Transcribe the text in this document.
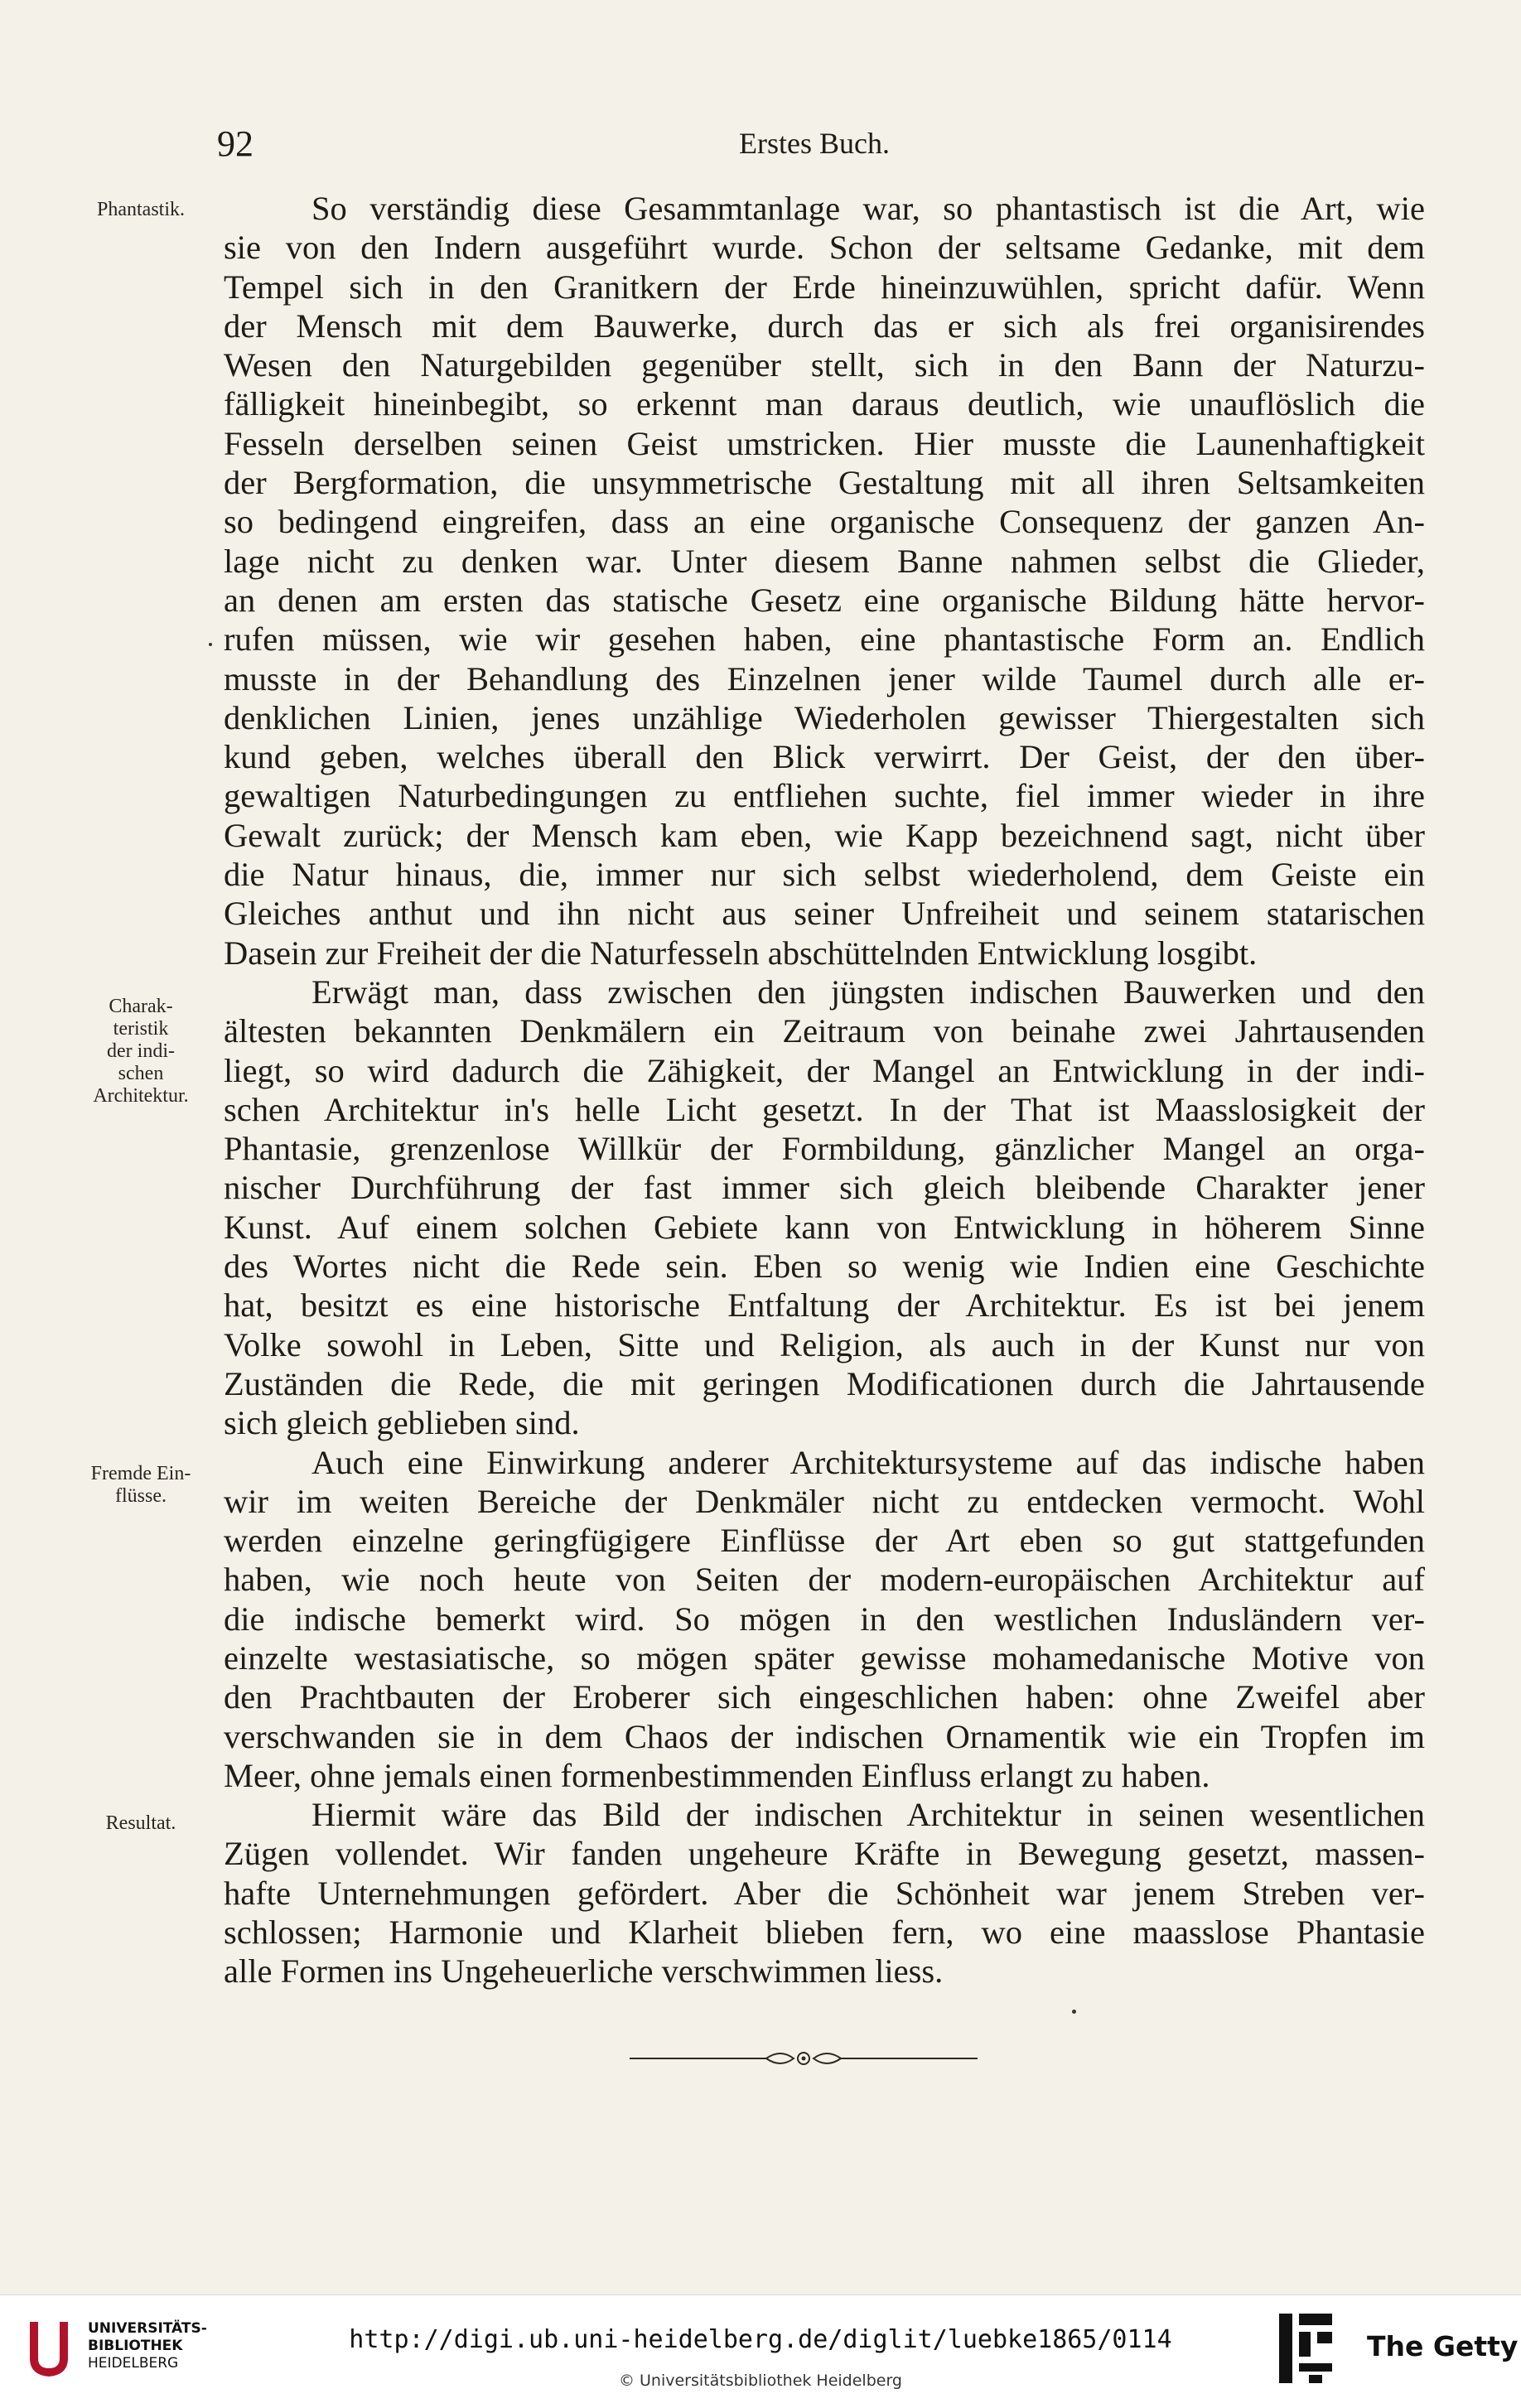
92	Erstes Buch.
Phantastik.
Charak-
teristik
der indi-
schen
Architektur.
Fremde Ein-
flüsse.
Resultat.
So verständig diese Gesammtanlage war, so phantastisch ist die Art, wie
sie von den Indern ausgeführt wurde. Schon der seltsame Gedanke, mit dem
Tempel sich in den Granitkern der Erde hineinzuwühlen, spricht dafür. Wenn
der Mensch mit dem Bauwerke, durch das er sich als frei organisirendes
Wesen den Naturgebilden gegenüber stellt, sich in den Bann der Naturzu-
fälligkeit hineinbegibt, so erkennt man daraus deutlich, wie unauflöslich die
Fesseln derselben seinen Geist umstricken. Hier musste die Launenhaftigkeit
der Bergformation, die unsymmetrische Gestaltung mit all ihren Seltsamkeiten
so bedingend eingreifen, dass an eine organische Consequenz der ganzen An-
lage nicht zu denken war. Unter diesem Banne nahmen selbst die Glieder,
an denen am ersten das statische Gesetz eine organische Bildung hätte hervor-
rufen müssen, wie wir gesehen haben, eine phantastische Form an. Endlich
musste in der Behandlung des Einzelnen jener wilde Taumel durch alle er-
denklichen Linien, jenes unzählige Wiederholen gewisser Thiergestalten sich
kund geben, welches überall den Blick verwirrt. Der Geist, der den über-
gewaltigen Naturbedingungen zu entfliehen suchte, fiel immer wieder in ihre
Gewalt zurück; der Mensch kam eben, wie Kapp bezeichnend sagt, nicht über
die Natur hinaus, die, immer nur sich selbst wiederholend, dem Geiste ein
Gleiches anthut und ihn nicht aus seiner Unfreiheit und seinem statarischen
Dasein zur Freiheit der die Naturfesseln abschüttelnden Entwicklung losgibt.
Erwägt man, dass zwischen den jüngsten indischen Bauwerken und den
ältesten bekannten Denkmälern ein Zeitraum von beinahe zwei Jahrtausenden
liegt, so wird dadurch die Zähigkeit, der Mangel an Entwicklung in der indi-
schen Architektur in's helle Licht gesetzt. In der That ist Maasslosigkeit der
Phantasie, grenzenlose Willkür der Formbildung, gänzlicher Mangel an orga-
nischer Durchführung der fast immer sich gleich bleibende Charakter jener
Kunst. Auf einem solchen Gebiete kann von Entwicklung in höherem Sinne
des Wortes nicht die Rede sein. Eben so wenig wie Indien eine Geschichte
hat, besitzt es eine historische Entfaltung der Architektur. Es ist bei jenem
Volke sowohl in Leben, Sitte und Religion, als auch in der Kunst nur von
Zuständen die Rede, die mit geringen Modificationen durch die Jahrtausende
sich gleich geblieben sind.
Auch eine Einwirkung anderer Architektursysteme auf das indische haben
wir im weiten Bereiche der Denkmäler nicht zu entdecken vermocht. Wohl
werden einzelne geringfügigere Einflüsse der Art eben so gut stattgefunden
haben, wie noch heute von Seiten der modern-europäischen Architektur auf
die indische bemerkt wird. So mögen in den westlichen Indusländern ver-
einzelte westasiatische, so mögen später gewisse mohamedanische Motive von
den Prachtbauten der Eroberer sich eingeschlichen haben: ohne Zweifel aber
verschwanden sie in dem Chaos der indischen Ornamentik wie ein Tropfen im
Meer, ohne jemals einen formenbestimmenden Einfluss erlangt zu haben.
Hiermit wäre das Bild der indischen Architektur in seinen wesentlichen
Zügen vollendet. Wir fanden ungeheure Kräfte in Bewegung gesetzt, massen-
hafte Unternehmungen gefördert. Aber die Schönheit war jenem Streben ver-
schlossen; Harmonie und Klarheit blieben fern, wo eine maasslose Phantasie
alle Formen ins Ungeheuerliche verschwimmen liess.
UNIVERSITÄTS-
BIBLIOTHEK
HEIDELBERG
http://digi.ub.uni-heidelberg.de/diglit/luebke1865/0114
© Universitätsbibliothek Heidelberg
The Getty
